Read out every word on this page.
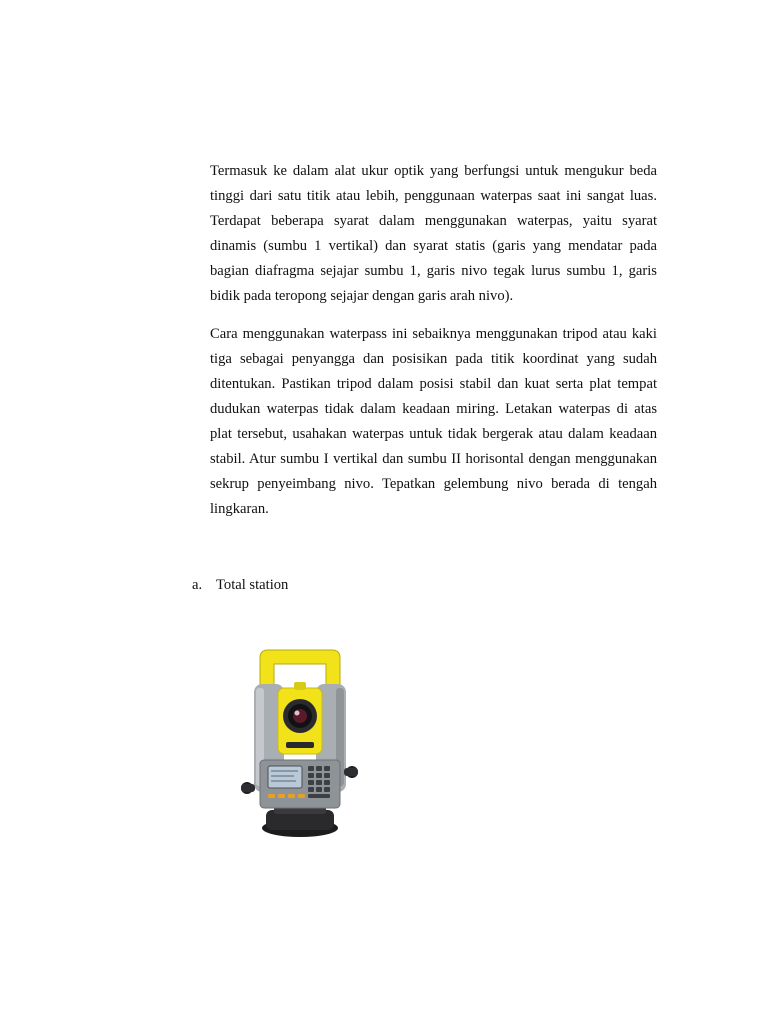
Termasuk ke dalam alat ukur optik yang berfungsi untuk mengukur beda tinggi dari satu titik atau lebih, penggunaan waterpas saat ini sangat luas. Terdapat beberapa syarat dalam menggunakan waterpas, yaitu syarat dinamis (sumbu 1 vertikal) dan syarat statis (garis yang mendatar pada bagian diafragma sejajar sumbu 1, garis nivo tegak lurus sumbu 1, garis bidik pada teropong sejajar dengan garis arah nivo).

Cara menggunakan waterpass ini sebaiknya menggunakan tripod atau kaki tiga sebagai penyangga dan posisikan pada titik koordinat yang sudah ditentukan. Pastikan tripod dalam posisi stabil dan kuat serta plat tempat dudukan waterpas tidak dalam keadaan miring. Letakan waterpas di atas plat tersebut, usahakan waterpas untuk tidak bergerak atau dalam keadaan stabil. Atur sumbu I vertikal dan sumbu II horisontal dengan menggunakan sekrup penyeimbang nivo. Tepatkan gelembung nivo berada di tengah lingkaran.

a. Total station
